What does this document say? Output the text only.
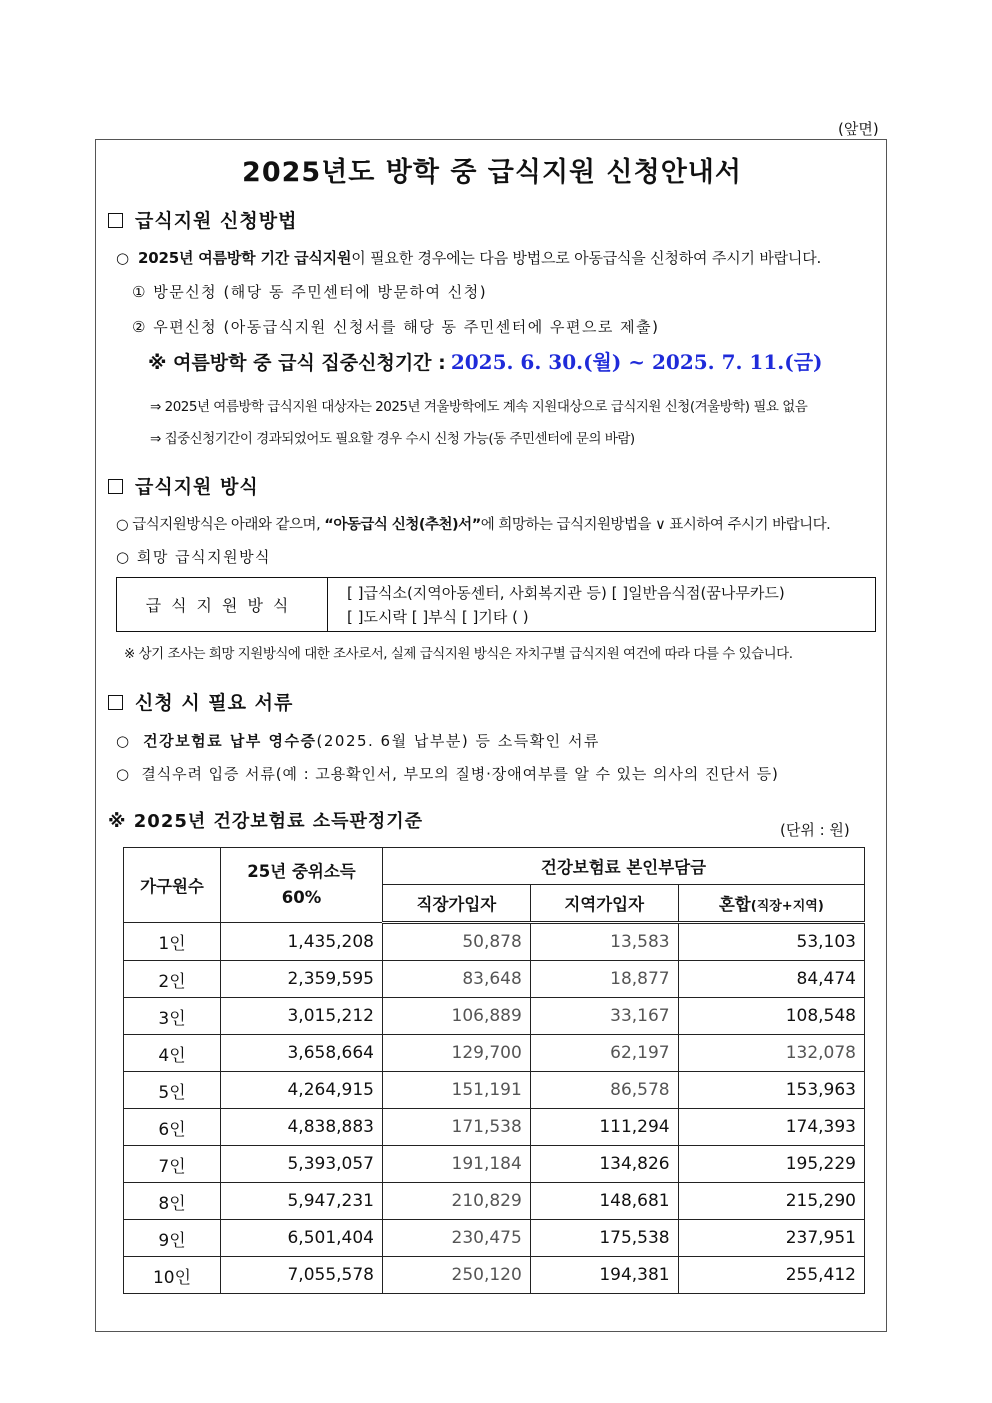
(앞면)
2025년도 방학 중 급식지원 신청안내서
급식지원 신청방법
○ 2025년 여름방학 기간 급식지원이 필요한 경우에는 다음 방법으로 아동급식을 신청하여 주시기 바랍니다.
① 방문신청 (해당 동 주민센터에 방문하여 신청)
② 우편신청 (아동급식지원 신청서를 해당 동 주민센터에 우편으로 제출)
※ 여름방학 중 급식 집중신청기간 : 2025. 6. 30.(월) ~ 2025. 7. 11.(금)
⇒ 2025년 여름방학 급식지원 대상자는 2025년 겨울방학에도 계속 지원대상으로 급식지원 신청(겨울방학) 필요 없음
⇒ 집중신청기간이 경과되었어도 필요할 경우 수시 신청 가능(동 주민센터에 문의 바람)
급식지원 방식
○ 급식지원방식은 아래와 같으며, “아동급식 신청(추천)서”에 희망하는 급식지원방법을 ∨ 표시하여 주시기 바랍니다.
○ 희망 급식지원방식
급식지원방식
[ ]급식소(지역아동센터, 사회복지관 등) [ ]일반음식점(꿈나무카드)
[ ]도시락 [ ]부식 [ ]기타 ( )
※ 상기 조사는 희망 지원방식에 대한 조사로서, 실제 급식지원 방식은 자치구별 급식지원 여건에 따라 다를 수 있습니다.
신청 시 필요 서류
○ 건강보험료 납부 영수증(2025. 6월 납부분) 등 소득확인 서류
○ 결식우려 입증 서류(예 : 고용확인서, 부모의 질병·장애여부를 알 수 있는 의사의 진단서 등)
※ 2025년 건강보험료 소득판정기준	(단위 : 원)
가구원수	25년 중위소득 60%	건강보험료 본인부담금		
		직장가입자	지역가입자	혼합(직장+지역)
1인	1,435,208	50,878	13,583	53,103
2인	2,359,595	83,648	18,877	84,474
3인	3,015,212	106,889	33,167	108,548
4인	3,658,664	129,700	62,197	132,078
5인	4,264,915	151,191	86,578	153,963
6인	4,838,883	171,538	111,294	174,393
7인	5,393,057	191,184	134,826	195,229
8인	5,947,231	210,829	148,681	215,290
9인	6,501,404	230,475	175,538	237,951
10인	7,055,578	250,120	194,381	255,412
